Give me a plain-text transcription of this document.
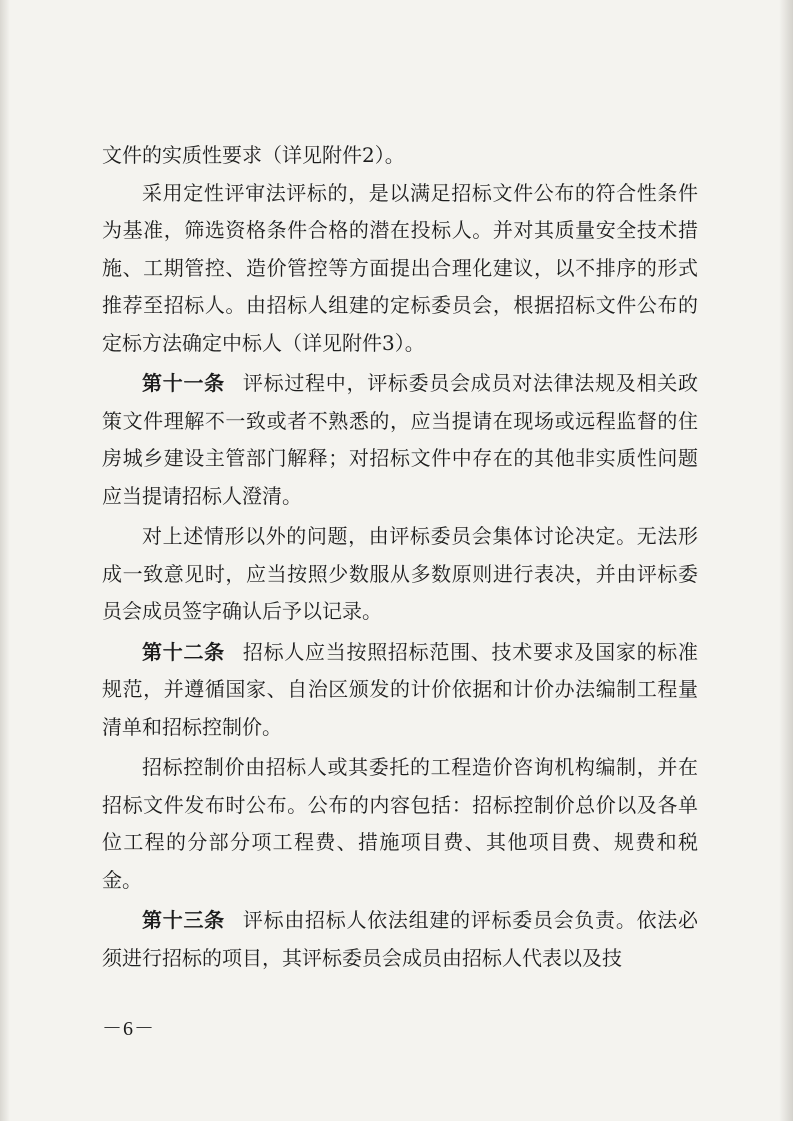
文件的实质性要求（详见附件2）。

采用定性评审法评标的，是以满足招标文件公布的符合性条件为基准，筛选资格条件合格的潜在投标人。并对其质量安全技术措施、工期管控、造价管控等方面提出合理化建议，以不排序的形式推荐至招标人。由招标人组建的定标委员会，根据招标文件公布的定标方法确定中标人（详见附件3）。

第十一条 评标过程中，评标委员会成员对法律法规及相关政策文件理解不一致或者不熟悉的，应当提请在现场或远程监督的住房城乡建设主管部门解释；对招标文件中存在的其他非实质性问题应当提请招标人澄清。

对上述情形以外的问题，由评标委员会集体讨论决定。无法形成一致意见时，应当按照少数服从多数原则进行表决，并由评标委员会成员签字确认后予以记录。

第十二条 招标人应当按照招标范围、技术要求及国家的标准规范，并遵循国家、自治区颁发的计价依据和计价办法编制工程量清单和招标控制价。

招标控制价由招标人或其委托的工程造价咨询机构编制，并在招标文件发布时公布。公布的内容包括：招标控制价总价以及各单位工程的分部分项工程费、措施项目费、其他项目费、规费和税金。

第十三条 评标由招标人依法组建的评标委员会负责。依法必须进行招标的项目，其评标委员会成员由招标人代表以及技

－6－
